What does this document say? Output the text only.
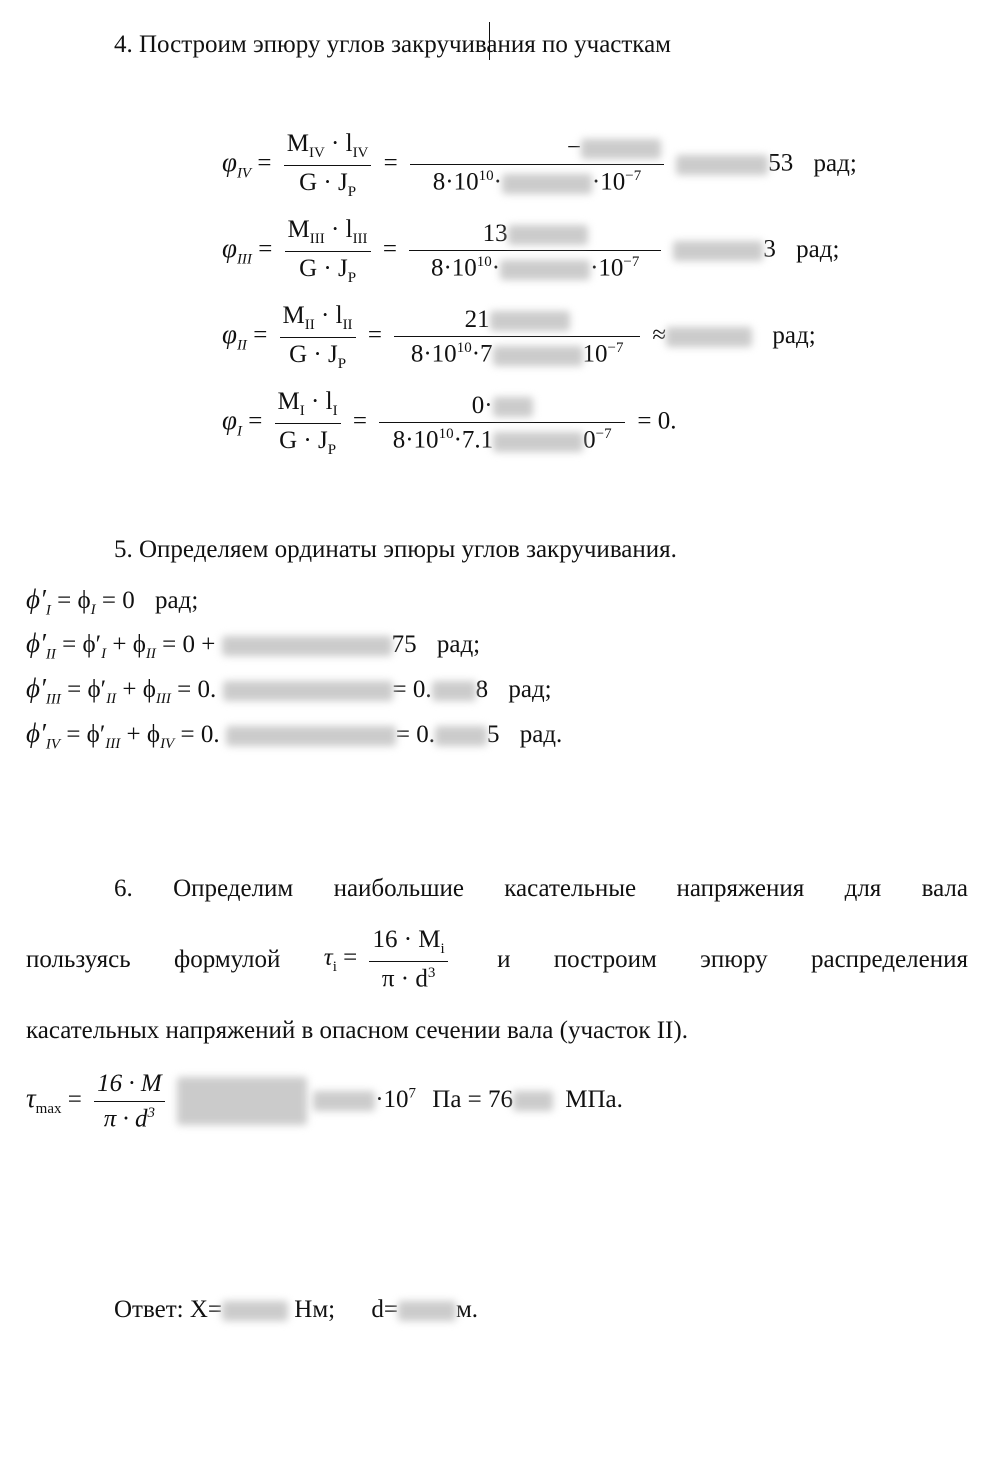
4. Построим эпюру углов закручивания по участкам
$\varphi_{IV} = \frac{M_{IV} \cdot l_{IV}}{G \cdot J_P}$ = −
$8\cdot 10^{10}\cdot$	$\cdot 10^{-7}$	53 рад;
$\varphi_{III} = \frac{M_{III} \cdot l_{III}}{G \cdot J_P} = 13$
$8\cdot 10^{10}\cdot$	$\cdot 10^{-7}$	3 рад;
$\varphi_{II} = \frac{M_{II} \cdot l_{II}}{G \cdot J_P} = 21$
$8\cdot 10^{10}\cdot 7$	$10^{-7}$ ≈	рад;
$\varphi_I = \frac{M_I \cdot l_I}{G \cdot J_P} = 0\cdot$
$8\cdot 10^{10}\cdot 7.1$	$0^{-7} = 0$.
5. Определяем ординаты эпюры углов закручивания.
$\phi'_I = \phi_I = 0$ рад;
$\phi'_{II} = \phi'_I + \phi_{II} = 0$ +	75 рад;
$\phi'_{III} = \phi'_{II} + \phi_{III} = 0$.	= 0. 8 рад;
$\phi'_{IV} = \phi'_{III} + \phi_{IV} = 0$.	= 0. 5 рад.
6. Определим наибольшие касательные напряжения для вала
пользуясь формулой $\tau_i = \frac{16 \cdot M_i}{\pi \cdot d^3}$ и построим эпюру распределения
касательных напряжений в опасном сечении вала (участок II).
$\tau_{max} = \frac{16 \cdot M}{\pi \cdot d^3}$	$\cdot 10^7$ Па = 76 МПа.
Ответ: X=	Нм; d= м.
